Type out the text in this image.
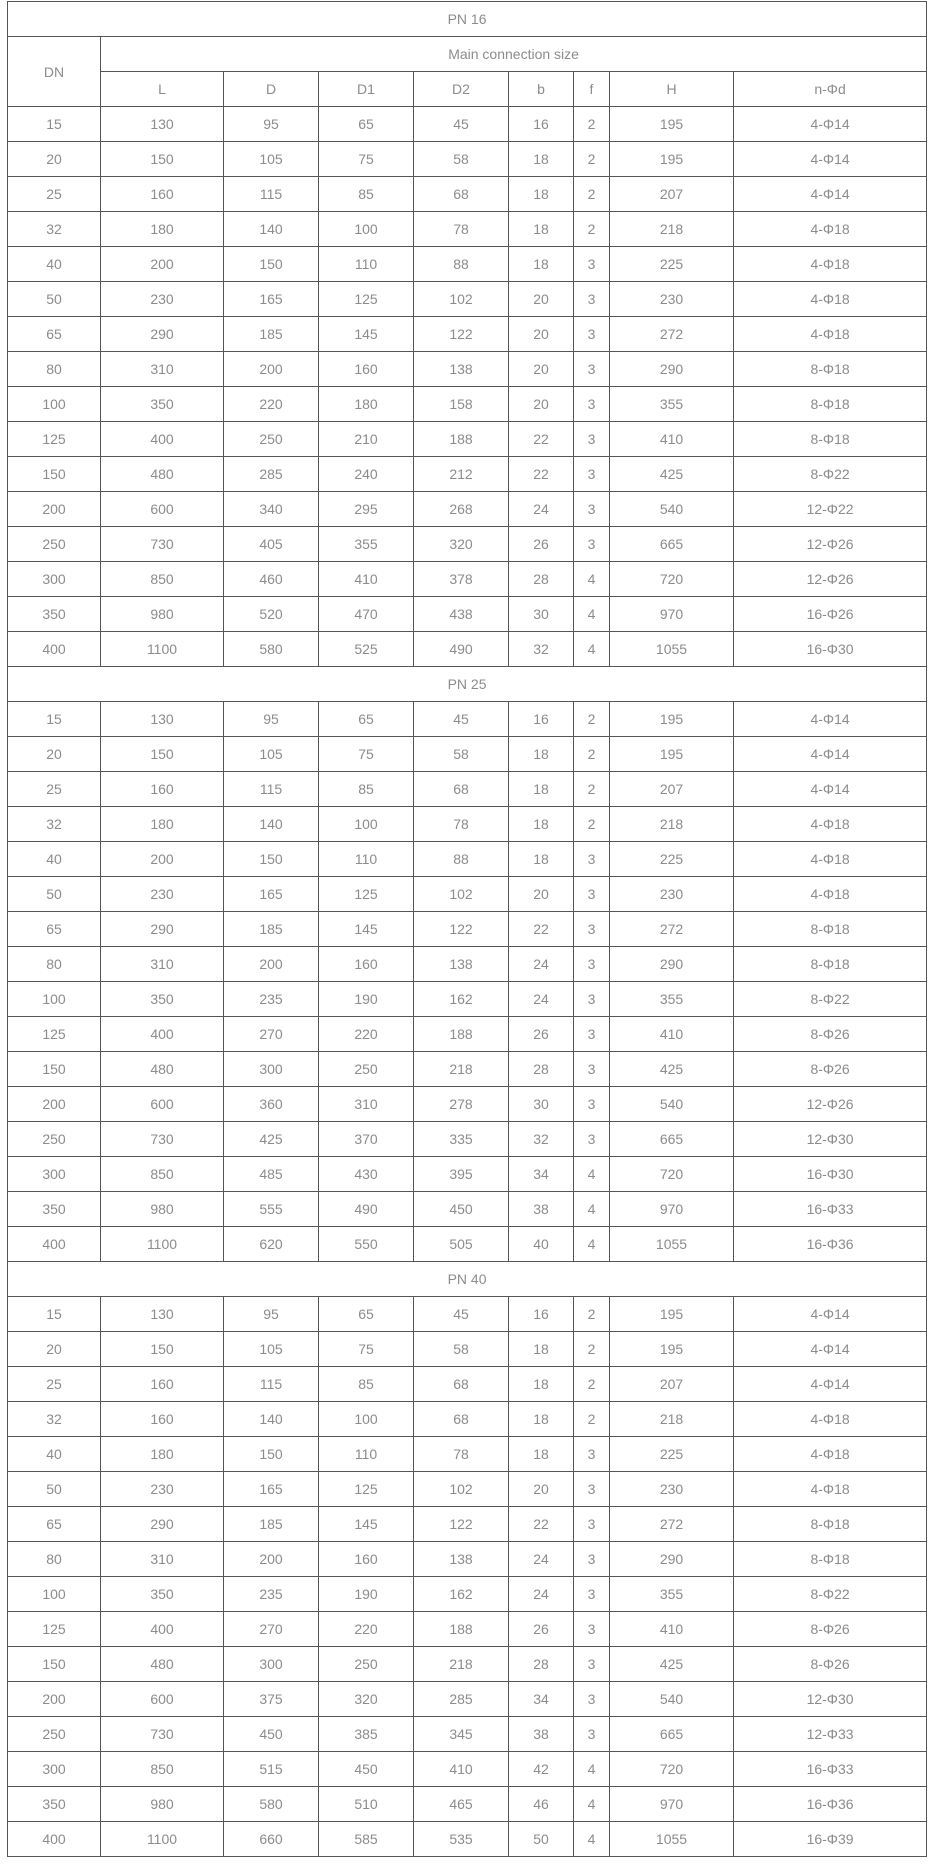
PN 16								
DN	Main connection size							
	L	D	D1	D2	b	f	H	n-Φd
15	130	95	65	45	16	2	195	4-Φ14
20	150	105	75	58	18	2	195	4-Φ14
25	160	115	85	68	18	2	207	4-Φ14
32	180	140	100	78	18	2	218	4-Φ18
40	200	150	110	88	18	3	225	4-Φ18
50	230	165	125	102	20	3	230	4-Φ18
65	290	185	145	122	20	3	272	4-Φ18
80	310	200	160	138	20	3	290	8-Φ18
100	350	220	180	158	20	3	355	8-Φ18
125	400	250	210	188	22	3	410	8-Φ18
150	480	285	240	212	22	3	425	8-Φ22
200	600	340	295	268	24	3	540	12-Φ22
250	730	405	355	320	26	3	665	12-Φ26
300	850	460	410	378	28	4	720	12-Φ26
350	980	520	470	438	30	4	970	16-Φ26
400	1100	580	525	490	32	4	1055	16-Φ30
PN 25								
15	130	95	65	45	16	2	195	4-Φ14
20	150	105	75	58	18	2	195	4-Φ14
25	160	115	85	68	18	2	207	4-Φ14
32	180	140	100	78	18	2	218	4-Φ18
40	200	150	110	88	18	3	225	4-Φ18
50	230	165	125	102	20	3	230	4-Φ18
65	290	185	145	122	22	3	272	8-Φ18
80	310	200	160	138	24	3	290	8-Φ18
100	350	235	190	162	24	3	355	8-Φ22
125	400	270	220	188	26	3	410	8-Φ26
150	480	300	250	218	28	3	425	8-Φ26
200	600	360	310	278	30	3	540	12-Φ26
250	730	425	370	335	32	3	665	12-Φ30
300	850	485	430	395	34	4	720	16-Φ30
350	980	555	490	450	38	4	970	16-Φ33
400	1100	620	550	505	40	4	1055	16-Φ36
PN 40								
15	130	95	65	45	16	2	195	4-Φ14
20	150	105	75	58	18	2	195	4-Φ14
25	160	115	85	68	18	2	207	4-Φ14
32	160	140	100	68	18	2	218	4-Φ18
40	180	150	110	78	18	3	225	4-Φ18
50	230	165	125	102	20	3	230	4-Φ18
65	290	185	145	122	22	3	272	8-Φ18
80	310	200	160	138	24	3	290	8-Φ18
100	350	235	190	162	24	3	355	8-Φ22
125	400	270	220	188	26	3	410	8-Φ26
150	480	300	250	218	28	3	425	8-Φ26
200	600	375	320	285	34	3	540	12-Φ30
250	730	450	385	345	38	3	665	12-Φ33
300	850	515	450	410	42	4	720	16-Φ33
350	980	580	510	465	46	4	970	16-Φ36
400	1100	660	585	535	50	4	1055	16-Φ39
